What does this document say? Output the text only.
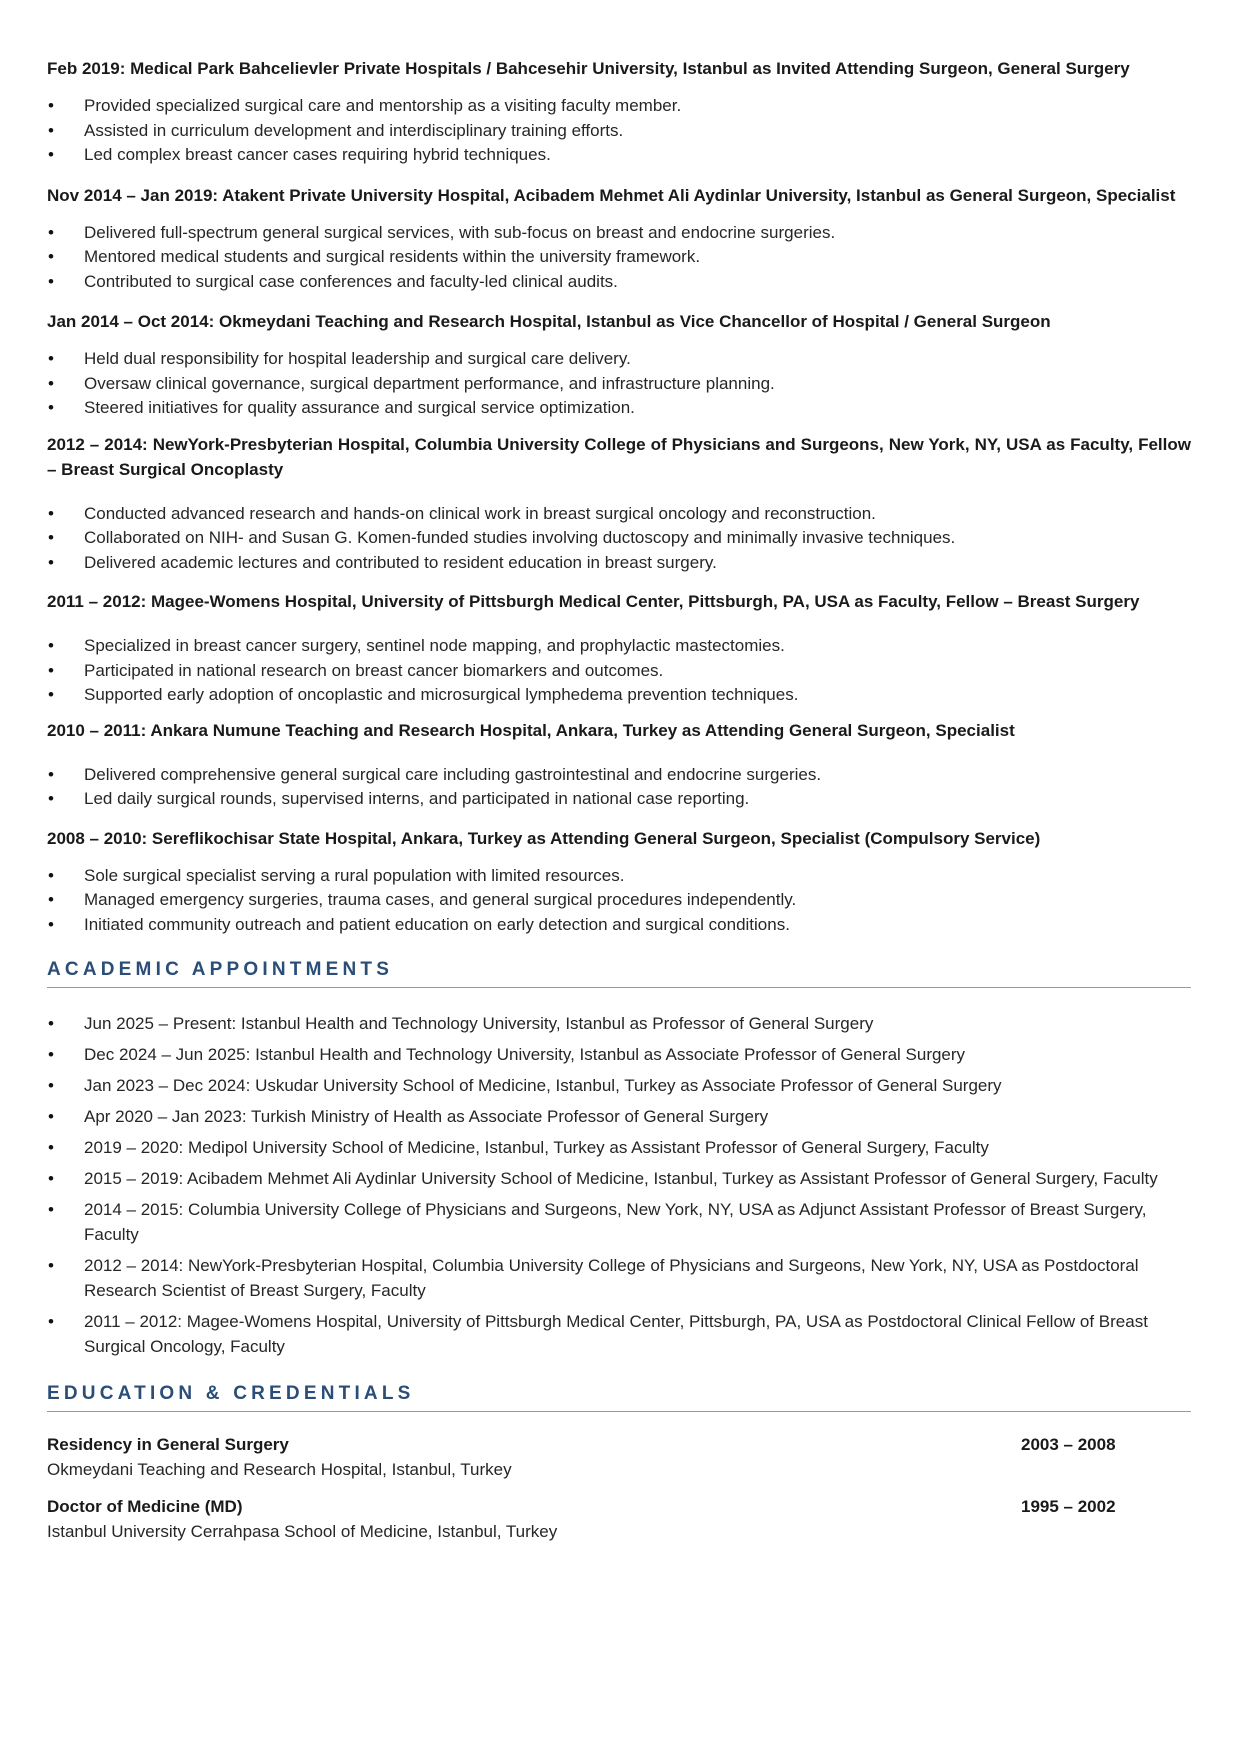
Feb 2019: Medical Park Bahcelievler Private Hospitals / Bahcesehir University, Istanbul as Invited Attending Surgeon, General Surgery

• Provided specialized surgical care and mentorship as a visiting faculty member.
• Assisted in curriculum development and interdisciplinary training efforts.
• Led complex breast cancer cases requiring hybrid techniques.

Nov 2014 – Jan 2019: Atakent Private University Hospital, Acibadem Mehmet Ali Aydinlar University, Istanbul as General Surgeon, Specialist

• Delivered full-spectrum general surgical services, with sub-focus on breast and endocrine surgeries.
• Mentored medical students and surgical residents within the university framework.
• Contributed to surgical case conferences and faculty-led clinical audits.

Jan 2014 – Oct 2014: Okmeydani Teaching and Research Hospital, Istanbul as Vice Chancellor of Hospital / General Surgeon

• Held dual responsibility for hospital leadership and surgical care delivery.
• Oversaw clinical governance, surgical department performance, and infrastructure planning.
• Steered initiatives for quality assurance and surgical service optimization.

2012 – 2014: NewYork-Presbyterian Hospital, Columbia University College of Physicians and Surgeons, New York, NY, USA as Faculty, Fellow – Breast Surgical Oncoplasty

• Conducted advanced research and hands-on clinical work in breast surgical oncology and reconstruction.
• Collaborated on NIH- and Susan G. Komen-funded studies involving ductoscopy and minimally invasive techniques.
• Delivered academic lectures and contributed to resident education in breast surgery.

2011 – 2012: Magee-Womens Hospital, University of Pittsburgh Medical Center, Pittsburgh, PA, USA as Faculty, Fellow – Breast Surgery

• Specialized in breast cancer surgery, sentinel node mapping, and prophylactic mastectomies.
• Participated in national research on breast cancer biomarkers and outcomes.
• Supported early adoption of oncoplastic and microsurgical lymphedema prevention techniques.

2010 – 2011: Ankara Numune Teaching and Research Hospital, Ankara, Turkey as Attending General Surgeon, Specialist

• Delivered comprehensive general surgical care including gastrointestinal and endocrine surgeries.
• Led daily surgical rounds, supervised interns, and participated in national case reporting.

2008 – 2010: Sereflikochisar State Hospital, Ankara, Turkey as Attending General Surgeon, Specialist (Compulsory Service)

• Sole surgical specialist serving a rural population with limited resources.
• Managed emergency surgeries, trauma cases, and general surgical procedures independently.
• Initiated community outreach and patient education on early detection and surgical conditions.
ACADEMIC APPOINTMENTS
• Jun 2025 – Present: Istanbul Health and Technology University, Istanbul as Professor of General Surgery
• Dec 2024 – Jun 2025: Istanbul Health and Technology University, Istanbul as Associate Professor of General Surgery
• Jan 2023 – Dec 2024: Uskudar University School of Medicine, Istanbul, Turkey as Associate Professor of General Surgery
• Apr 2020 – Jan 2023: Turkish Ministry of Health as Associate Professor of General Surgery
• 2019 – 2020: Medipol University School of Medicine, Istanbul, Turkey as Assistant Professor of General Surgery, Faculty
• 2015 – 2019: Acibadem Mehmet Ali Aydinlar University School of Medicine, Istanbul, Turkey as Assistant Professor of General Surgery, Faculty
• 2014 – 2015: Columbia University College of Physicians and Surgeons, New York, NY, USA as Adjunct Assistant Professor of Breast Surgery, Faculty
• 2012 – 2014: NewYork-Presbyterian Hospital, Columbia University College of Physicians and Surgeons, New York, NY, USA as Postdoctoral Research Scientist of Breast Surgery, Faculty
• 2011 – 2012: Magee-Womens Hospital, University of Pittsburgh Medical Center, Pittsburgh, PA, USA as Postdoctoral Clinical Fellow of Breast Surgical Oncology, Faculty
EDUCATION & CREDENTIALS
Residency in General Surgery	2003 – 2008
Okmeydani Teaching and Research Hospital, Istanbul, Turkey
Doctor of Medicine (MD)	1995 – 2002
Istanbul University Cerrahpasa School of Medicine, Istanbul, Turkey
